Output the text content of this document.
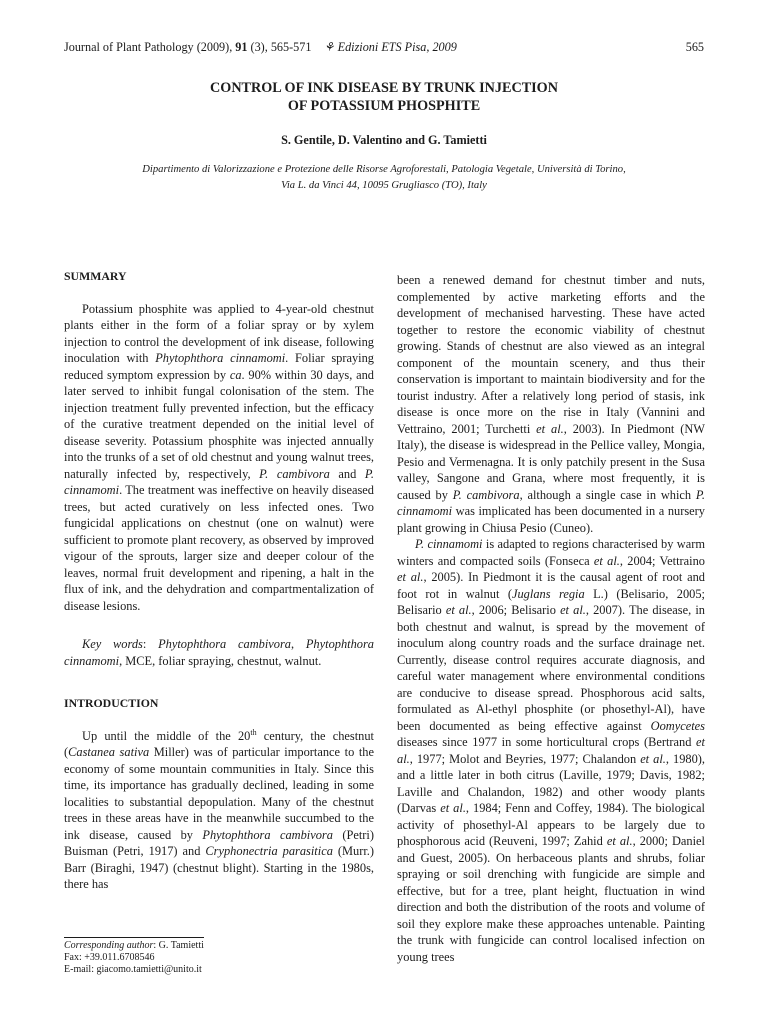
Journal of Plant Pathology (2009), 91 (3), 565-571 ⚘ Edizioni ETS Pisa, 2009	565
CONTROL OF INK DISEASE BY TRUNK INJECTION
OF POTASSIUM PHOSPHITE
S. Gentile, D. Valentino and G. Tamietti
Dipartimento di Valorizzazione e Protezione delle Risorse Agroforestali, Patologia Vegetale, Università di Torino,
Via L. da Vinci 44, 10095 Grugliasco (TO), Italy
SUMMARY

Potassium phosphite was applied to 4-year-old chestnut plants either in the form of a foliar spray or by xylem injection to control the development of ink disease, following inoculation with Phytophthora cinnamomi. Foliar spraying reduced symptom expression by ca. 90% within 30 days, and later served to inhibit fungal colonisation of the stem. The injection treatment fully prevented infection, but the efficacy of the curative treatment depended on the initial level of disease severity. Potassium phosphite was injected annually into the trunks of a set of old chestnut and young walnut trees, naturally infected by, respectively, P. cambivora and P. cinnamomi. The treatment was ineffective on heavily diseased trees, but acted curatively on less infected ones. Two fungicidal applications on chestnut (one on walnut) were sufficient to promote plant recovery, as observed by improved vigour of the sprouts, larger size and deeper colour of the leaves, normal fruit development and ripening, a halt in the flux of ink, and the dehydration and compartmentalization of disease lesions.

Key words: Phytophthora cambivora, Phytophthora cinnamomi, MCE, foliar spraying, chestnut, walnut.

INTRODUCTION

Up until the middle of the 20th century, the chestnut (Castanea sativa Miller) was of particular importance to the economy of some mountain communities in Italy. Since this time, its importance has gradually declined, leading in some localities to substantial depopulation. Many of the chestnut trees in these areas have in the meanwhile succumbed to the ink disease, caused by Phytophthora cambivora (Petri) Buisman (Petri, 1917) and Cryphonectria parasitica (Murr.) Barr (Biraghi, 1947) (chestnut blight). Starting in the 1980s, there has

been a renewed demand for chestnut timber and nuts, complemented by active marketing efforts and the development of mechanised harvesting. These have acted together to restore the economic viability of chestnut growing. Stands of chestnut are also viewed as an integral component of the mountain scenery, and thus their conservation is important to maintain biodiversity and for the tourist industry. After a relatively long period of stasis, ink disease is once more on the rise in Italy (Vannini and Vettraino, 2001; Turchetti et al., 2003). In Piedmont (NW Italy), the disease is widespread in the Pellice valley, Mongia, Pesio and Vermenagna. It is only patchily present in the Susa valley, Sangone and Grana, where most frequently, it is caused by P. cambivora, although a single case in which P. cinnamomi was implicated has been documented in a nursery plant growing in Chiusa Pesio (Cuneo).

P. cinnamomi is adapted to regions characterised by warm winters and compacted soils (Fonseca et al., 2004; Vettraino et al., 2005). In Piedmont it is the causal agent of root and foot rot in walnut (Juglans regia L.) (Belisario, 2005; Belisario et al., 2006; Belisario et al., 2007). The disease, in both chestnut and walnut, is spread by the movement of inoculum along country roads and the surface drainage net. Currently, disease control requires accurate diagnosis, and careful water management where environmental conditions are conducive to disease spread. Phosphorous acid salts, formulated as Al-ethyl phosphite (or phosethyl-Al), have been documented as being effective against Oomycetes diseases since 1977 in some horticultural crops (Bertrand et al., 1977; Molot and Beyries, 1977; Chalandon et al., 1980), and a little later in both citrus (Laville, 1979; Davis, 1982; Laville and Chalandon, 1982) and other woody plants (Darvas et al., 1984; Fenn and Coffey, 1984). The biological activity of phosethyl-Al appears to be largely due to phosphorous acid (Reuveni, 1997; Zahid et al., 2000; Daniel and Guest, 2005). On herbaceous plants and shrubs, foliar spraying or soil drenching with fungicide are simple and effective, but for a tree, plant height, fluctuation in wind direction and both the distribution of the roots and volume of soil they explore make these approaches untenable. Painting the trunk with fungicide can control localised infection on young trees

Corresponding author: G. Tamietti
Fax: +39.011.6708546
E-mail: giacomo.tamietti@unito.it
